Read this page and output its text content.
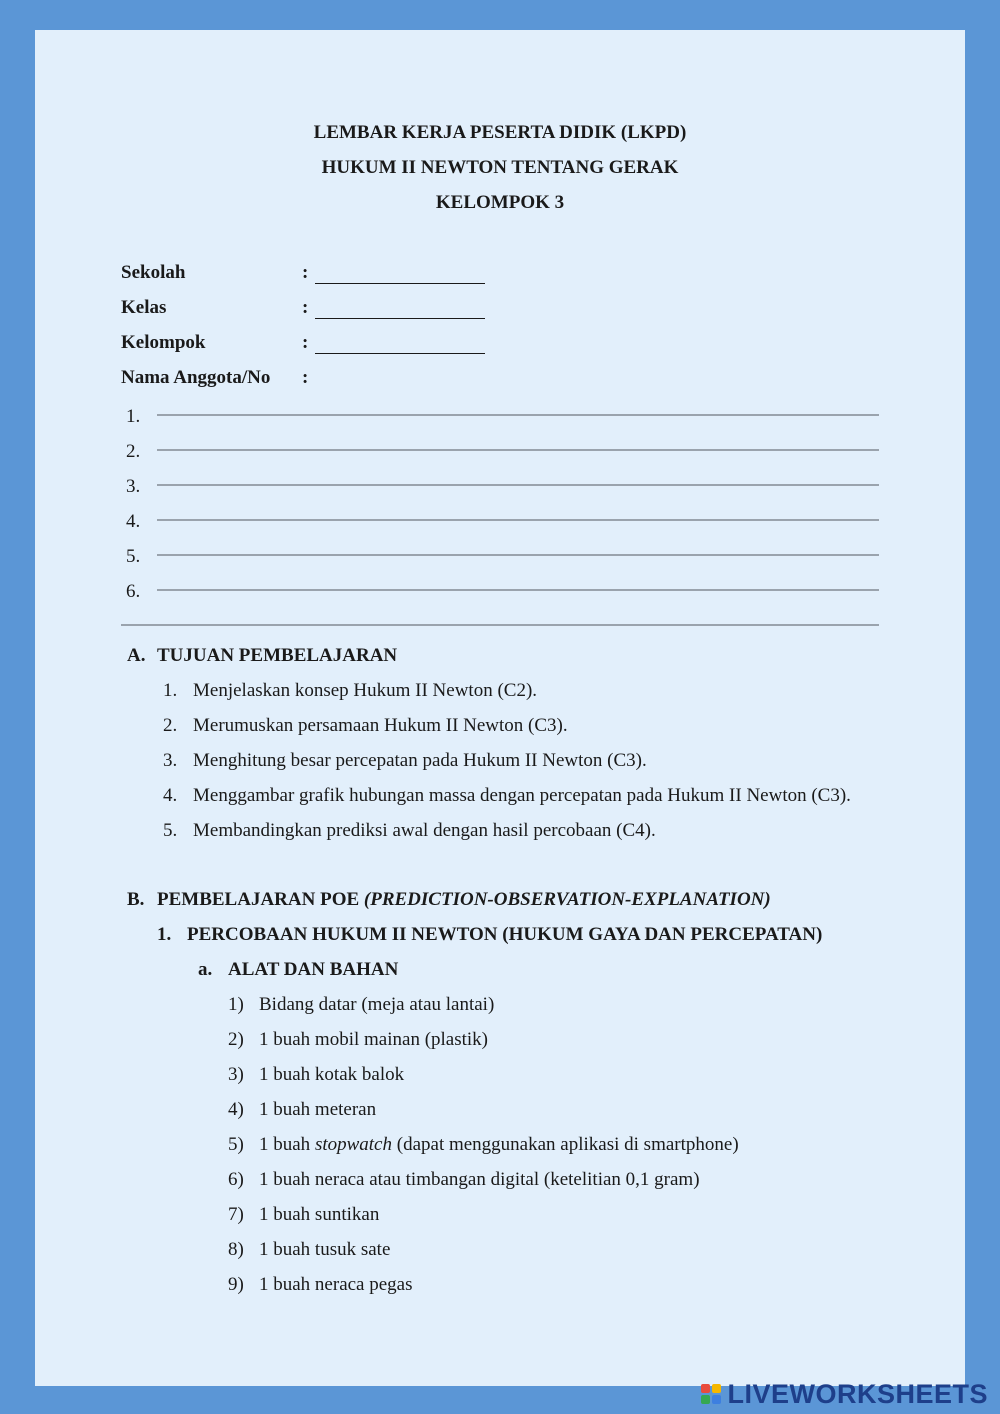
LEMBAR KERJA PESERTA DIDIK (LKPD)
HUKUM II NEWTON TENTANG GERAK
KELOMPOK 3
Sekolah	:
Kelas	:
Kelompok	:
Nama Anggota/No :
1.
2.
3.
4.
5.
6.
A. TUJUAN PEMBELAJARAN
1. Menjelaskan konsep Hukum II Newton (C2).
2. Merumuskan persamaan Hukum II Newton (C3).
3. Menghitung besar percepatan pada Hukum II Newton (C3).
4. Menggambar grafik hubungan massa dengan percepatan pada Hukum II Newton (C3).
5. Membandingkan prediksi awal dengan hasil percobaan (C4).
B. PEMBELAJARAN POE (PREDICTION-OBSERVATION-EXPLANATION)
1. PERCOBAAN HUKUM II NEWTON (HUKUM GAYA DAN PERCEPATAN)
a. ALAT DAN BAHAN
1) Bidang datar (meja atau lantai)
2) 1 buah mobil mainan (plastik)
3) 1 buah kotak balok
4) 1 buah meteran
5) 1 buah stopwatch (dapat menggunakan aplikasi di smartphone)
6) 1 buah neraca atau timbangan digital (ketelitian 0,1 gram)
7) 1 buah suntikan
8) 1 buah tusuk sate
9) 1 buah neraca pegas
LIVEWORKSHEETS
